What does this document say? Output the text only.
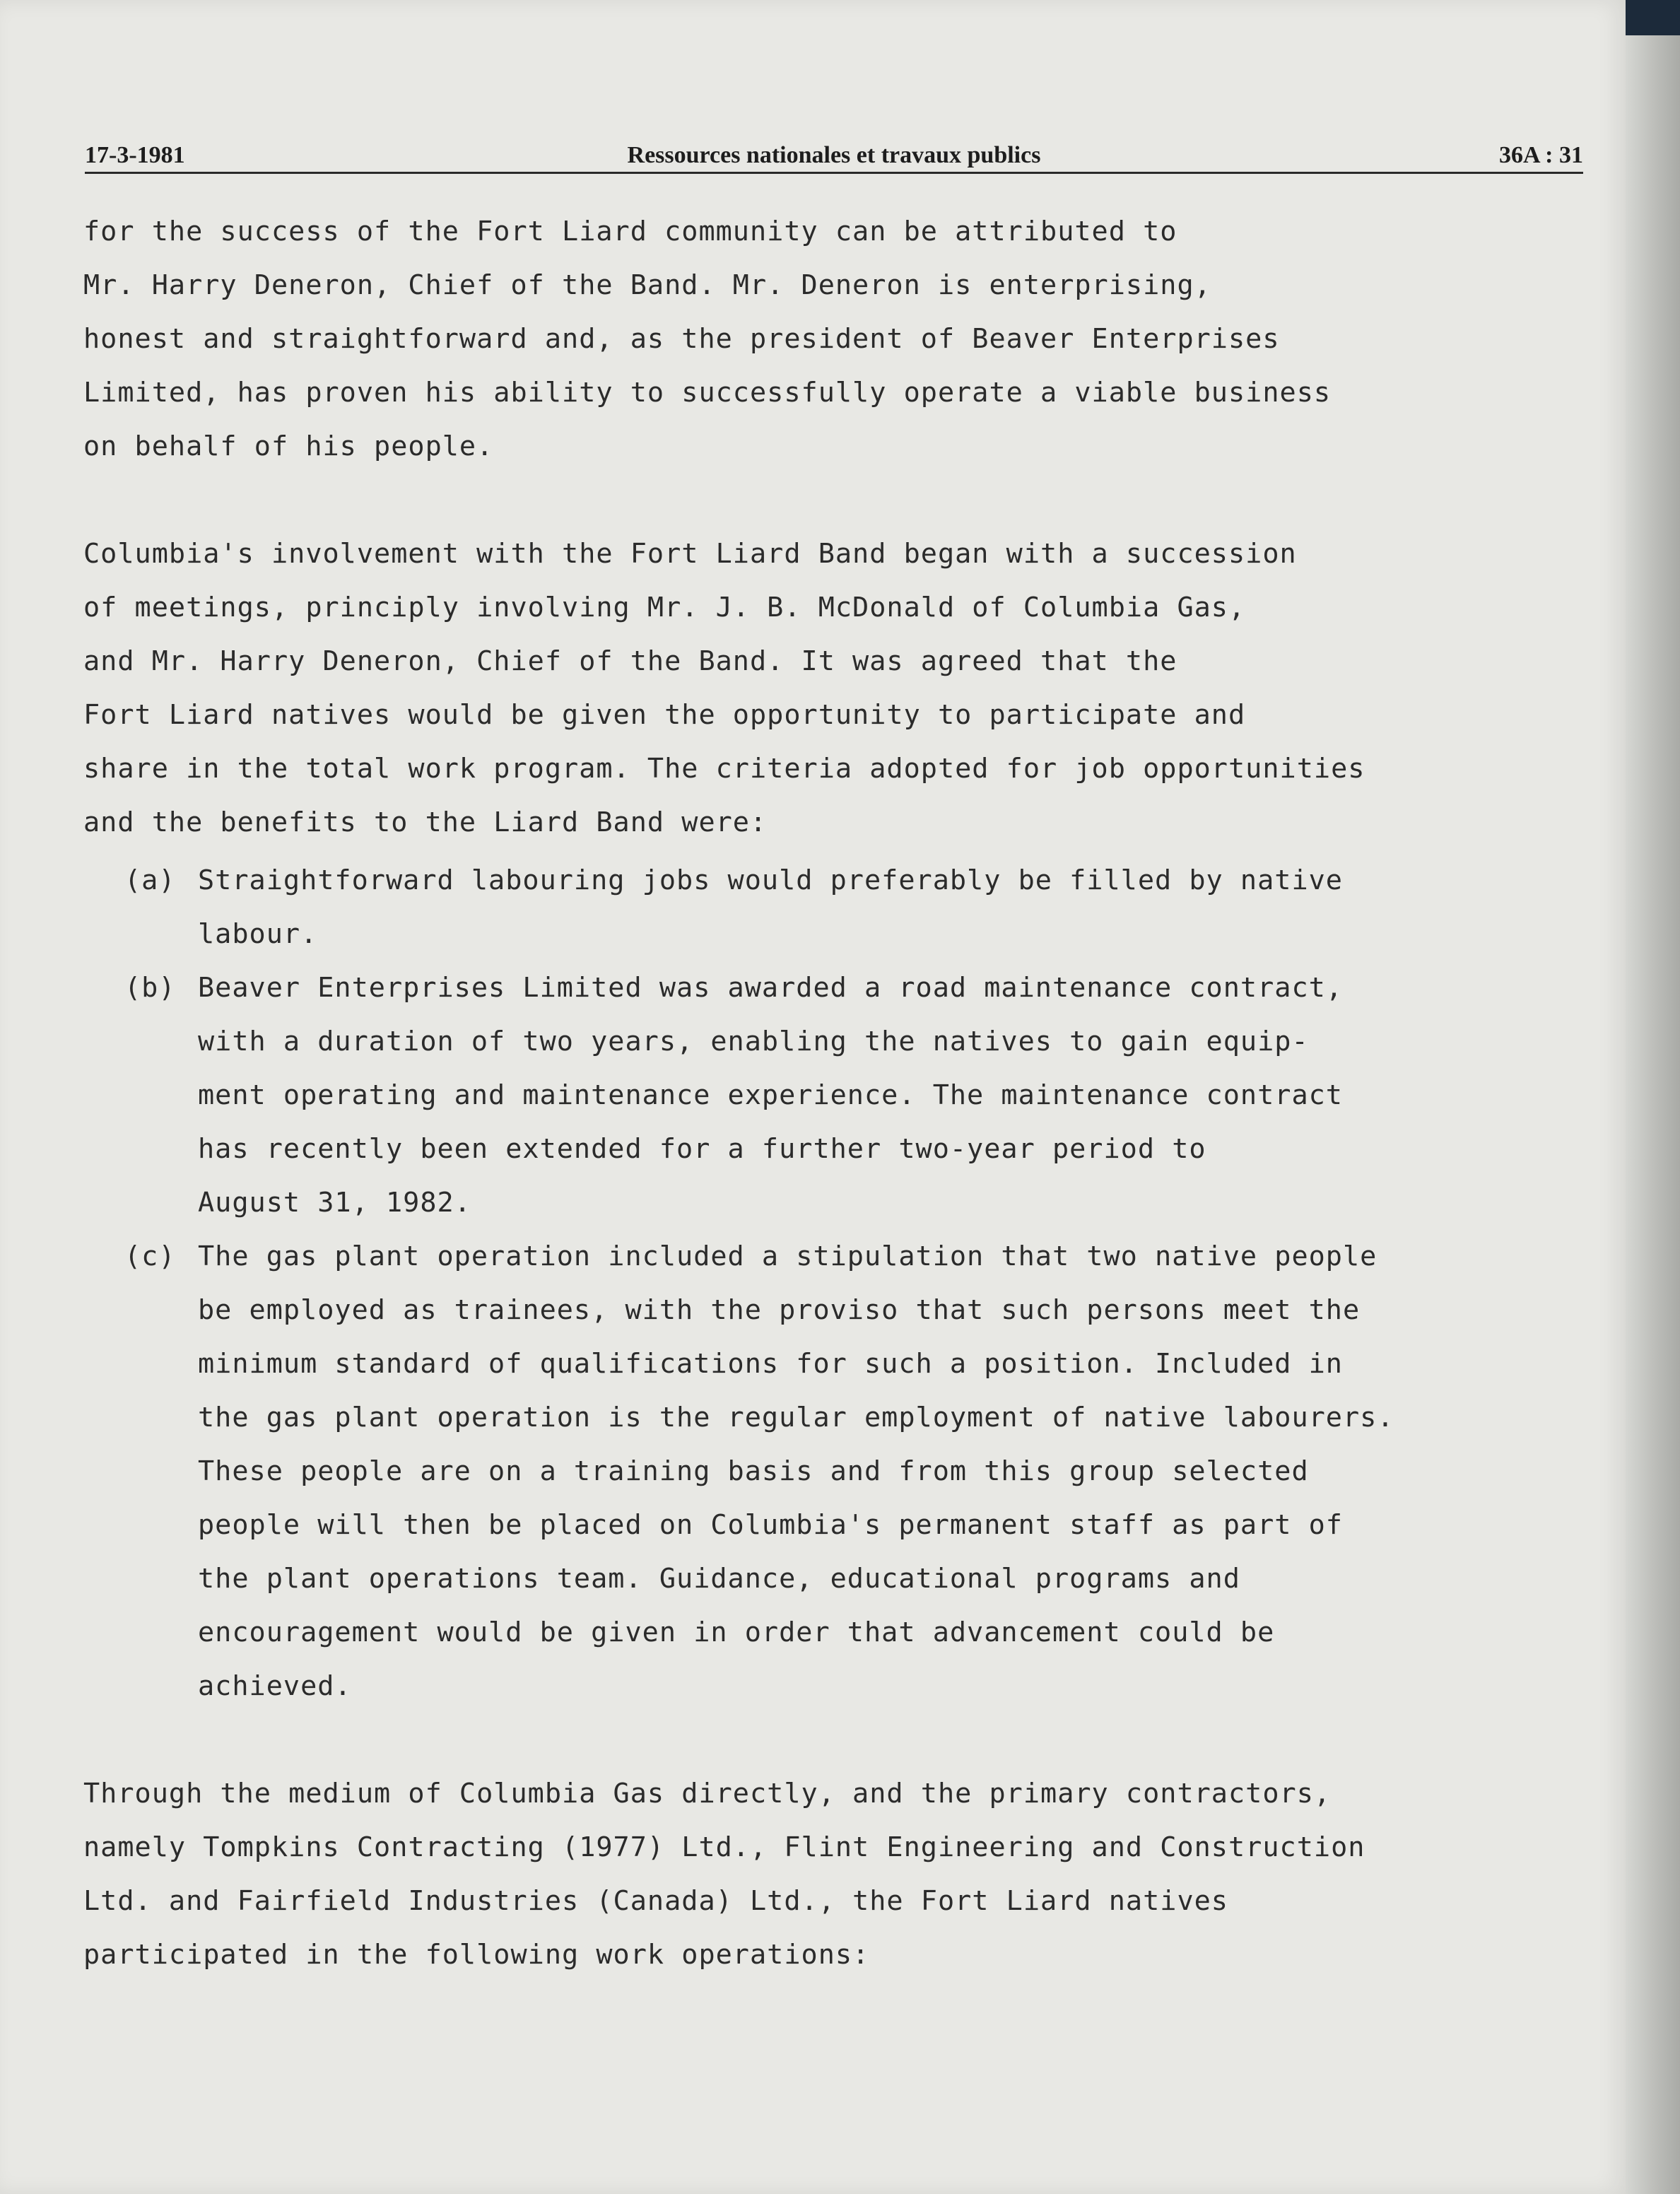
17-3-1981	Ressources nationales et travaux publics	36A : 31
for the success of the Fort Liard community can be attributed to
Mr. Harry Deneron, Chief of the Band. Mr. Deneron is enterprising,
honest and straightforward and, as the president of Beaver Enterprises
Limited, has proven his ability to successfully operate a viable business
on behalf of his people.
Columbia's involvement with the Fort Liard Band began with a succession
of meetings, principly involving Mr. J. B. McDonald of Columbia Gas,
and Mr. Harry Deneron, Chief of the Band. It was agreed that the
Fort Liard natives would be given the opportunity to participate and
share in the total work program. The criteria adopted for job opportunities
and the benefits to the Liard Band were:
(a) Straightforward labouring jobs would preferably be filled by native
labour.
(b) Beaver Enterprises Limited was awarded a road maintenance contract,
with a duration of two years, enabling the natives to gain equip-
ment operating and maintenance experience. The maintenance contract
has recently been extended for a further two-year period to
August 31, 1982.
(c) The gas plant operation included a stipulation that two native people
be employed as trainees, with the proviso that such persons meet the
minimum standard of qualifications for such a position. Included in
the gas plant operation is the regular employment of native labourers.
These people are on a training basis and from this group selected
people will then be placed on Columbia's permanent staff as part of
the plant operations team. Guidance, educational programs and
encouragement would be given in order that advancement could be
achieved.
Through the medium of Columbia Gas directly, and the primary contractors,
namely Tompkins Contracting (1977) Ltd., Flint Engineering and Construction
Ltd. and Fairfield Industries (Canada) Ltd., the Fort Liard natives
participated in the following work operations:
